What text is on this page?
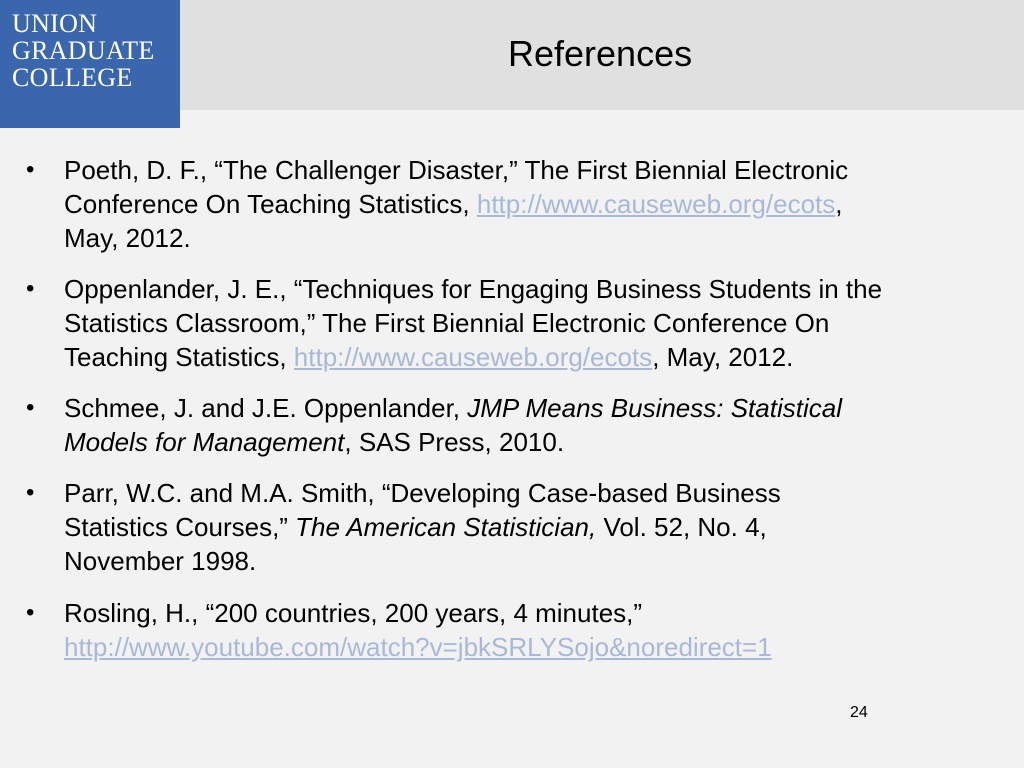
UNION
GRADUATE
COLLEGE
References
• Poeth, D. F., “The Challenger Disaster,” The First Biennial Electronic
Conference On Teaching Statistics, http://www.causeweb.org/ecots,
May, 2012.
• Oppenlander, J. E., “Techniques for Engaging Business Students in the
Statistics Classroom,” The First Biennial Electronic Conference On
Teaching Statistics, http://www.causeweb.org/ecots, May, 2012.
• Schmee, J. and J.E. Oppenlander, JMP Means Business: Statistical
Models for Management, SAS Press, 2010.
• Parr, W.C. and M.A. Smith, “Developing Case-based Business
Statistics Courses,” The American Statistician, Vol. 52, No. 4,
November 1998.
• Rosling, H., “200 countries, 200 years, 4 minutes,”
http://www.youtube.com/watch?v=jbkSRLYSojo&noredirect=1
24
